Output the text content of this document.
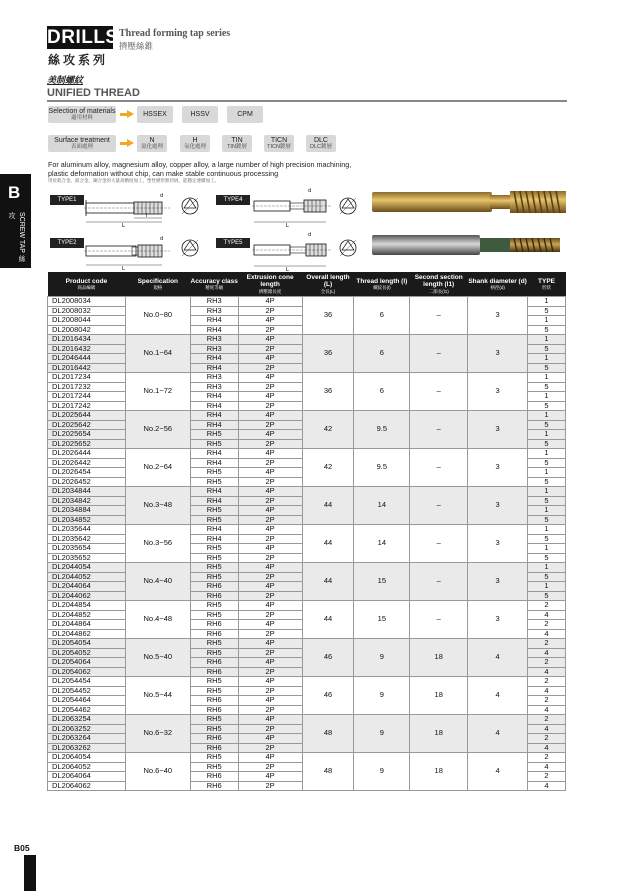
DRILLS Thread forming tap series
擠壓絲錐
絲攻系列
美制螺紋
UNIFIED THREAD
Selection of materials
適用材料
HSSEX	HSSV	CPM
Surface treatment
表面處理
N
氮化處理
H
氧化處理
TIN
TIN鍍層
TICN
TICN鍍層
DLC
DLC鍍層
For aluminum alloy, magnesium alloy, copper alloy, a large number of high precision machining,
plastic deformation without chip, can make stable continuous processing
用於鋁合金、鎂合金、銅合金的大量高精度加工，塑性變形無切屑，能穩定連續加工。
B
SCREW TAP 絲攻
TYPE1
TYPE2
TYPE4
TYPE5
L
l
d
L
d
L
d
L
d
Product code
商品編碼	Specification
規格	Accuracy class
精度等級	Extrusion cone length
擠壓錐長度	Overall length (L)
全長(L)	Thread length (l)
螺紋長(l)	Second section length (l1)
二節長(l1)	Shank diameter (d)
柄徑(d)	TYPE
形狀

DL2008034	No.0−80	RH3	4P	36	6	–	3	1
DL2008032		RH3	2P					5
DL2008044		RH4	4P					1
DL2008042		RH4	2P					5
DL2016434	No.1−64	RH3	4P	36	6	–	3	1
DL2016432		RH3	2P					5
DL2046444		RH4	4P					1
DL2016442		RH4	2P					5
DL2017234	No.1−72	RH3	4P	36	6	–	3	1
DL2017232		RH3	2P					5
DL2017244		RH4	4P					1
DL2017242		RH4	2P					5
DL2025644	No.2−56	RH4	4P	42	9.5	–	3	1
DL2025642		RH4	2P					5
DL2025654		RH5	4P					1
DL2025652		RH5	2P					5
DL2026444	No.2−64	RH4	4P	42	9.5	–	3	1
DL2026442		RH4	2P					5
DL2026454		RH5	4P					1
DL2026452		RH5	2P					5
DL2034844	No.3−48	RH4	4P	44	14	–	3	1
DL2034842		RH4	2P					5
DL2034884		RH5	4P					1
DL2034852		RH5	2P					5
DL2035644	No.3−56	RH4	4P	44	14	–	3	1
DL2035642		RH4	2P					5
DL2035654		RH5	4P					1
DL2035652		RH5	2P					5
DL2044054	No.4−40	RH5	4P	44	15	–	3	1
DL2044052		RH5	2P					5
DL2044064		RH6	4P					1
DL2044062		RH6	2P					5
DL2044854	No.4−48	RH5	4P	44	15	–	3	2
DL2044852		RH5	2P					4
DL2044864		RH6	4P					2
DL2044862		RH6	2P					4
DL2054054	No.5−40	RH5	4P	46	9	18	4	2
DL2054052		RH5	2P					4
DL2054064		RH6	4P					2
DL2054062		RH6	2P					4
DL2054454	No.5−44	RH5	4P	46	9	18	4	2
DL2054452		RH5	2P					4
DL2054464		RH6	4P					2
DL2054462		RH6	2P					4
DL2063254	No.6−32	RH5	4P	48	9	18	4	2
DL2063252		RH5	2P					4
DL2063264		RH6	4P					2
DL2063262		RH6	2P					4
DL2064054	No.6−40	RH5	4P	48	9	18	4	2
DL2064052		RH5	2P					4
DL2064064		RH6	4P					2
DL2064062		RH6	2P					4
B05
